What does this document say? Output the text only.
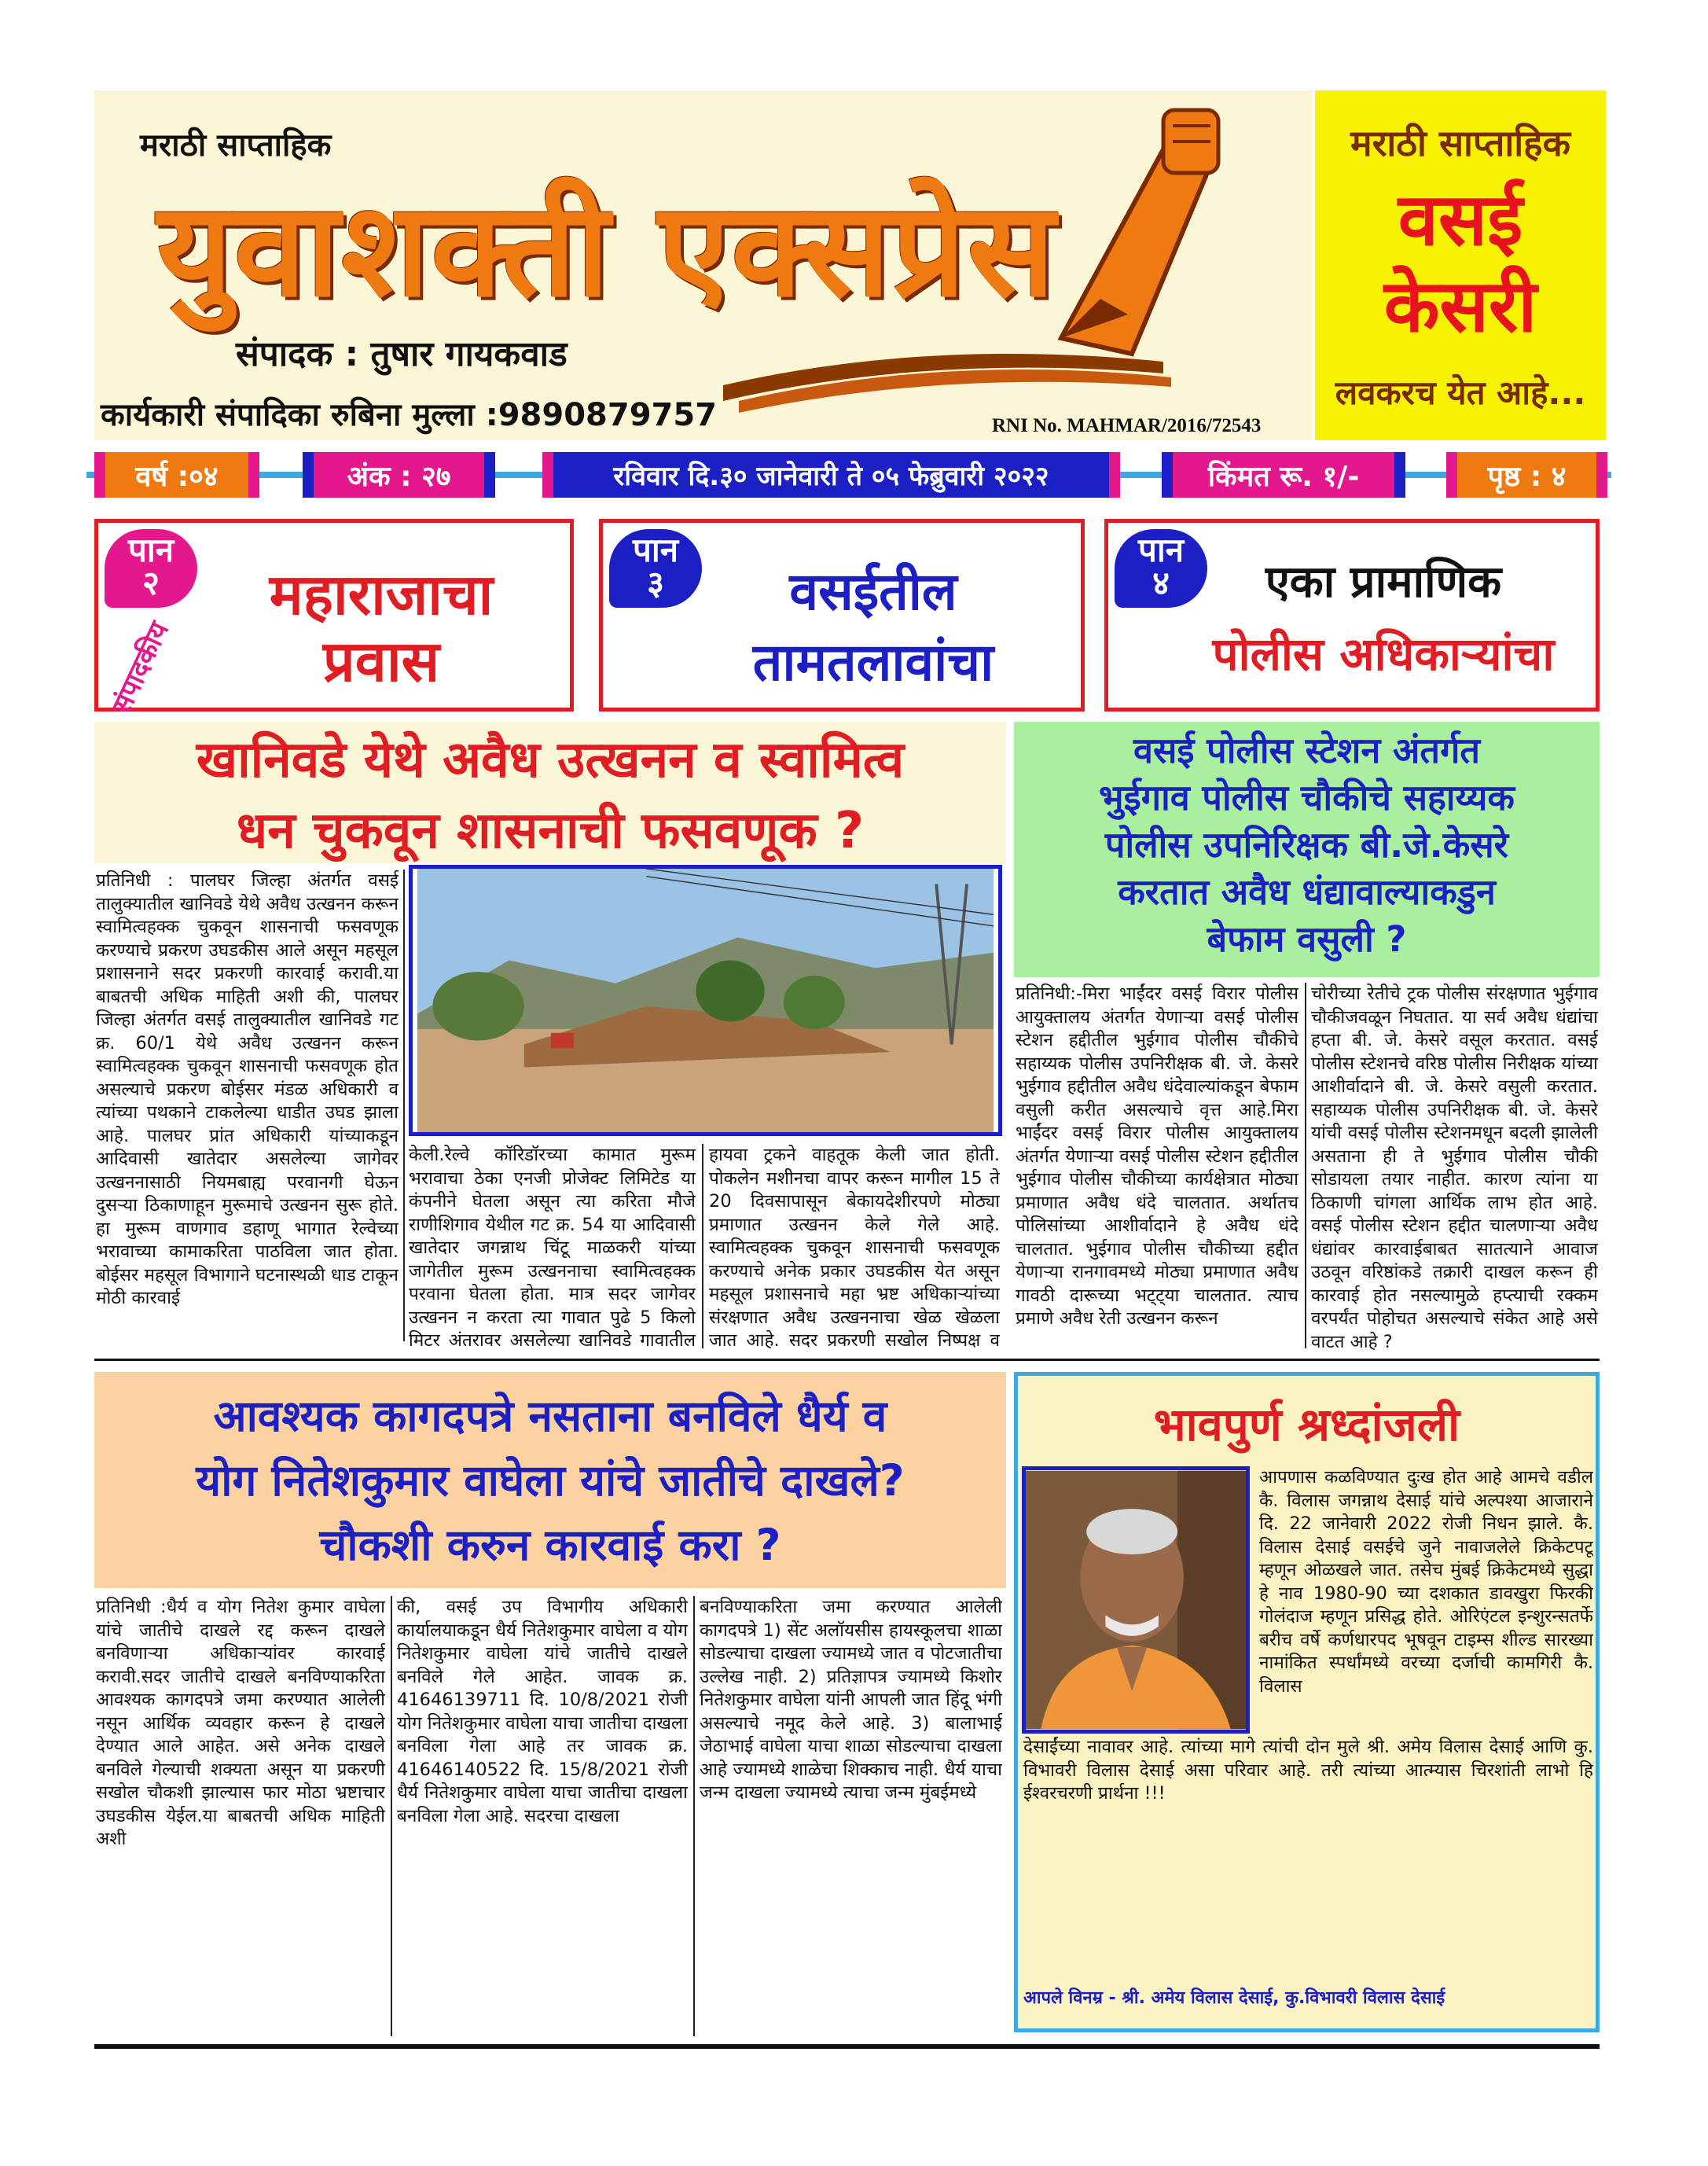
मराठी साप्ताहिक
युवाशक्ती एक्सप्रेस
संपादक : तुषार गायकवाड
कार्यकारी संपादिका रुबिना मुल्ला :9890879757	RNI No. MAHMAR/2016/72543
मराठी साप्ताहिक
वसई
केसरी
लवकरच येत आहे...
वर्ष :०४	अंक : २७	रविवार दि.३० जानेवारी ते ०५ फेब्रुवारी २०२२	किंमत रू. १/-	पृष्ठ : ४
पान
२	महाराजाचा
प्रवास
संपादकीय
पान
३	वसईतील
तामतलावांचा
पान
४	एका प्रामाणिक
पोलीस अधिकाऱ्यांचा
खानिवडे येथे अवैध उत्खनन व स्वामित्व
धन चुकवून शासनाची फसवणूक ?
प्रतिनिधी : पालघर जिल्हा अंतर्गत वसई तालुक्यातील खानिवडे येथे अवैध उत्खनन करून स्वामित्वहक्क चुकवून शासनाची फसवणूक करण्याचे प्रकरण उघडकीस आले असून महसूल प्रशासनाने सदर प्रकरणी कारवाई करावी.या बाबतची अधिक माहिती अशी की, पालघर जिल्हा अंतर्गत वसई तालुक्यातील खानिवडे गट क्र. 60/1 येथे अवैध उत्खनन करून स्वामित्वहक्क चुकवून शासनाची फसवणूक होत असल्याचे प्रकरण बोईसर मंडळ अधिकारी व त्यांच्या पथकाने टाकलेल्या धाडीत उघड झाला आहे. पालघर प्रांत अधिकारी यांच्याकडून आदिवासी खातेदार असलेल्या जागेवर उत्खननासाठी नियमबाह्य परवानगी घेऊन दुसऱ्या ठिकाणाहून मुरूमाचे उत्खनन सुरू होते. हा मुरूम वाणगाव डहाणू भागात रेल्वेच्या भरावाच्या कामाकरिता पाठविला जात होता. बोईसर महसूल विभागाने घटनास्थळी धाड टाकून मोठी कारवाई
केली.रेल्वे कॉरिडॉरच्या कामात मुरूम भरावाचा ठेका एनजी प्रोजेक्ट लिमिटेड या कंपनीने घेतला असून त्या करिता मौजे राणीशिगाव येथील गट क्र. 54 या आदिवासी खातेदार जगन्नाथ चिंटू माळकरी यांच्या जागेतील मुरूम उत्खननाचा स्वामित्वहक्क परवाना घेतला होता. मात्र सदर जागेवर उत्खनन न करता त्या गावात पुढे 5 किलो मिटर अंतरावर असलेल्या खानिवडे गावातील
हायवा ट्रकने वाहतूक केली जात होती. पोकलेन मशीनचा वापर करून मागील 15 ते 20 दिवसापासून बेकायदेशीरपणे मोठ्या प्रमाणात उत्खनन केले गेले आहे. स्वामित्वहक्क चुकवून शासनाची फसवणूक करण्याचे अनेक प्रकार उघडकीस येत असून महसूल प्रशासनाचे महा भ्रष्ट अधिकाऱ्यांच्या संरक्षणात अवैध उत्खननाचा खेळ खेळला जात आहे. सदर प्रकरणी सखोल निष्पक्ष व
वसई पोलीस स्टेशन अंतर्गत
भुईगाव पोलीस चौकीचे सहाय्यक
पोलीस उपनिरिक्षक बी.जे.केसरे
करतात अवैध धंद्यावाल्याकडुन
बेफाम वसुली ?
प्रतिनिधी:-मिरा भाईंदर वसई विरार पोलीस आयुक्तालय अंतर्गत येणाऱ्या वसई पोलीस स्टेशन हद्दीतील भुईगाव पोलीस चौकीचे सहाय्यक पोलीस उपनिरीक्षक बी. जे. केसरे भुईगाव हद्दीतील अवैध धंदेवाल्यांकडून बेफाम वसुली करीत असल्याचे वृत्त आहे.मिरा भाईंदर वसई विरार पोलीस आयुक्तालय अंतर्गत येणाऱ्या वसई पोलीस स्टेशन हद्दीतील भुईगाव पोलीस चौकीच्या कार्यक्षेत्रात मोठ्या प्रमाणात अवैध धंदे चालतात. अर्थातच पोलिसांच्या आशीर्वादाने हे अवैध धंदे चालतात. भुईगाव पोलीस चौकीच्या हद्दीत येणाऱ्या रानगावमध्ये मोठ्या प्रमाणात अवैध गावठी दारूच्या भट्ट्या चालतात. त्याच प्रमाणे अवैध रेती उत्खनन करून
चोरीच्या रेतीचे ट्रक पोलीस संरक्षणात भुईगाव चौकीजवळून निघतात. या सर्व अवैध धंद्यांचा हप्ता बी. जे. केसरे वसूल करतात. वसई पोलीस स्टेशनचे वरिष्ठ पोलीस निरीक्षक यांच्या आशीर्वादाने बी. जे. केसरे वसुली करतात. सहाय्यक पोलीस उपनिरीक्षक बी. जे. केसरे यांची वसई पोलीस स्टेशनमधून बदली झालेली असताना ही ते भुईगाव पोलीस चौकी सोडायला तयार नाहीत. कारण त्यांना या ठिकाणी चांगला आर्थिक लाभ होत आहे. वसई पोलीस स्टेशन हद्दीत चालणाऱ्या अवैध धंद्यांवर कारवाईबाबत सातत्याने आवाज उठवून वरिष्ठांकडे तक्रारी दाखल करून ही कारवाई होत नसल्यामुळे हप्त्याची रक्कम वरपर्यंत पोहोचत असल्याचे संकेत आहे असे वाटत आहे ?
आवश्यक कागदपत्रे नसताना बनविले धैर्य व
योग नितेशकुमार वाघेला यांचे जातीचे दाखले?
चौकशी करुन कारवाई करा ?
प्रतिनिधी :धैर्य व योग नितेश कुमार वाघेला यांचे जातीचे दाखले रद्द करून दाखले बनविणाऱ्या अधिकाऱ्यांवर कारवाई करावी.सदर जातीचे दाखले बनविण्याकरिता आवश्यक कागदपत्रे जमा करण्यात आलेली नसून आर्थिक व्यवहार करून हे दाखले देण्यात आले आहेत. असे अनेक दाखले बनविले गेल्याची शक्यता असून या प्रकरणी सखोल चौकशी झाल्यास फार मोठा भ्रष्टाचार उघडकीस येईल.या बाबतची अधिक माहिती अशी
की, वसई उप विभागीय अधिकारी कार्यालयाकडून धैर्य नितेशकुमार वाघेला व योग नितेशकुमार वाघेला यांचे जातीचे दाखले बनविले गेले आहेत. जावक क्र. 41646139711 दि. 10/8/2021 रोजी योग नितेशकुमार वाघेला याचा जातीचा दाखला बनविला गेला आहे तर जावक क्र. 41646140522 दि. 15/8/2021 रोजी धैर्य नितेशकुमार वाघेला याचा जातीचा दाखला बनविला गेला आहे. सदरचा दाखला
बनविण्याकरिता जमा करण्यात आलेली कागदपत्रे 1) सेंट अलॉयसीस हायस्कूलचा शाळा सोडल्याचा दाखला ज्यामध्ये जात व पोटजातीचा उल्लेख नाही. 2) प्रतिज्ञापत्र ज्यामध्ये किशोर नितेशकुमार वाघेला यांनी आपली जात हिंदू भंगी असल्याचे नमूद केले आहे. 3) बालाभाई जेठाभाई वाघेला याचा शाळा सोडल्याचा दाखला आहे ज्यामध्ये शाळेचा शिक्काच नाही. धैर्य याचा जन्म दाखला ज्यामध्ये त्याचा जन्म मुंबईमध्ये
भावपुर्ण श्रध्दांजली
आपणास कळविण्यात दुःख होत आहे आमचे वडील कै. विलास जगन्नाथ देसाई यांचे अल्पश्या आजाराने दि. 22 जानेवारी 2022 रोजी निधन झाले. कै. विलास देसाई वसईचे जुने नावाजलेले क्रिकेटपटू म्हणून ओळखले जात. तसेच मुंबई क्रिकेटमध्ये सुद्धा हे नाव 1980-90 च्या दशकात डावखुरा फिरकी गोलंदाज म्हणून प्रसिद्ध होते. ओरिएंटल इन्शुरन्सतर्फे बरीच वर्षे कर्णधारपद भूषवून टाइम्स शील्ड सारख्या नामांकित स्पर्धांमध्ये वरच्या दर्जाची कामगिरी कै. विलास
देसाईंच्या नावावर आहे. त्यांच्या मागे त्यांची दोन मुले श्री. अमेय विलास देसाई आणि कु. विभावरी विलास देसाई असा परिवार आहे. तरी त्यांच्या आत्म्यास चिरशांती लाभो हि ईश्वरचरणी प्रार्थना !!!
आपले विनम्र - श्री. अमेय विलास देसाई, कु.विभावरी विलास देसाई
